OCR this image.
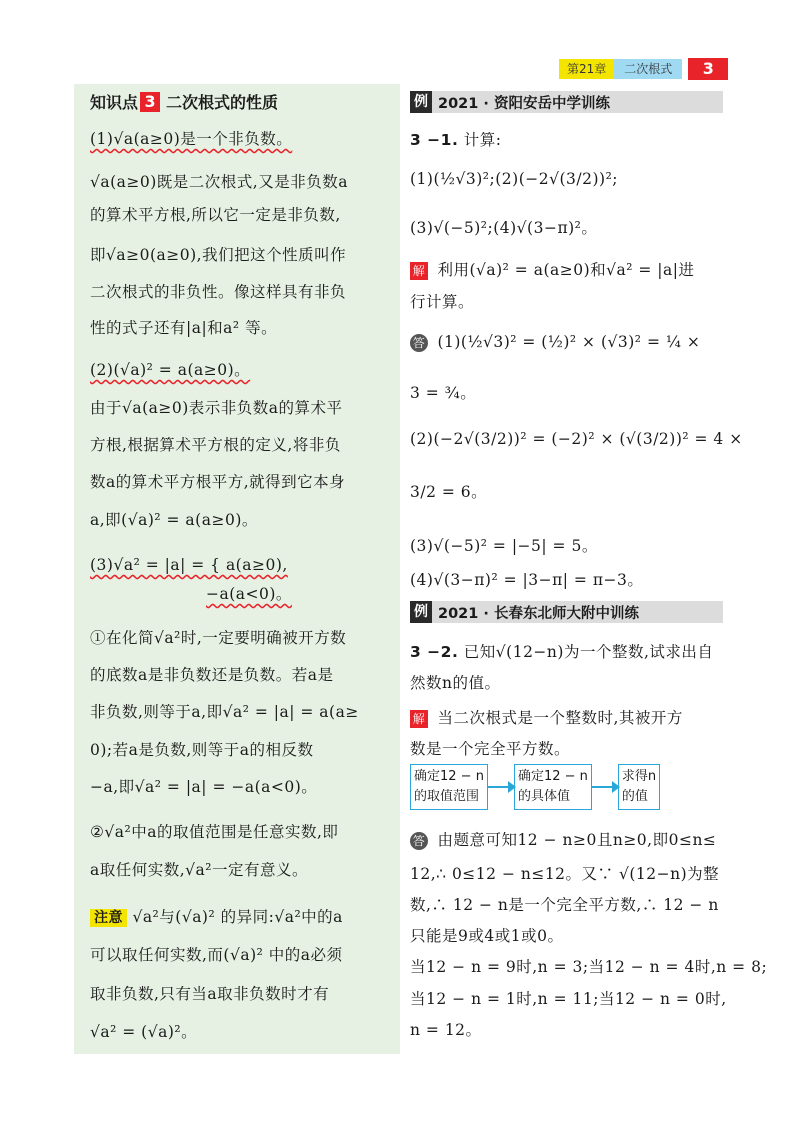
第21章	二次根式	3
知识点 3 二次根式的性质
(1)√a(a≥0)是一个非负数。
√a(a≥0)既是二次根式,又是非负数a
的算术平方根,所以它一定是非负数,
即√a≥0(a≥0),我们把这个性质叫作
二次根式的非负性。像这样具有非负
性的式子还有|a|和a² 等。
(2)(√a)² = a(a≥0)。
由于√a(a≥0)表示非负数a的算术平
方根,根据算术平方根的定义,将非负
数a的算术平方根平方,就得到它本身
a,即(√a)² = a(a≥0)。
(3)√a² = |a| = { a(a≥0),
−a(a<0)。
①在化简√a²时,一定要明确被开方数
的底数a是非负数还是负数。若a是
非负数,则等于a,即√a² = |a| = a(a≥
0);若a是负数,则等于a的相反数
−a,即√a² = |a| = −a(a<0)。
②√a²中a的取值范围是任意实数,即
a取任何实数,√a²一定有意义。
注意 √a²与(√a)² 的异同:√a²中的a
可以取任何实数,而(√a)² 中的a必须
取非负数,只有当a取非负数时才有
√a² = (√a)²。
例 2021 · 资阳安岳中学训练
3 −1. 计算:
(1)(½√3)²;(2)(−2√(3/2))²;
(3)√(−5)²;(4)√(3−π)²。
解 利用(√a)² = a(a≥0)和√a² = |a|进
行计算。
答 (1)(½√3)² = (½)² × (√3)² = ¼ ×
3 = ¾。
(2)(−2√(3/2))² = (−2)² × (√(3/2))² = 4 ×
3/2 = 6。
(3)√(−5)² = |−5| = 5。
(4)√(3−π)² = |3−π| = π−3。
例 2021 · 长春东北师大附中训练
3 −2. 已知√(12−n)为一个整数,试求出自
然数n的值。
解 当二次根式是一个整数时,其被开方
数是一个完全平方数。
确定12 − n
的取值范围
确定12 − n
的具体值
求得n
的值
答 由题意可知12 − n≥0且n≥0,即0≤n≤
12,∴ 0≤12 − n≤12。又∵ √(12−n)为整
数,∴ 12 − n是一个完全平方数,∴ 12 − n
只能是9或4或1或0。
当12 − n = 9时,n = 3;当12 − n = 4时,n = 8;
当12 − n = 1时,n = 11;当12 − n = 0时,
n = 12。
